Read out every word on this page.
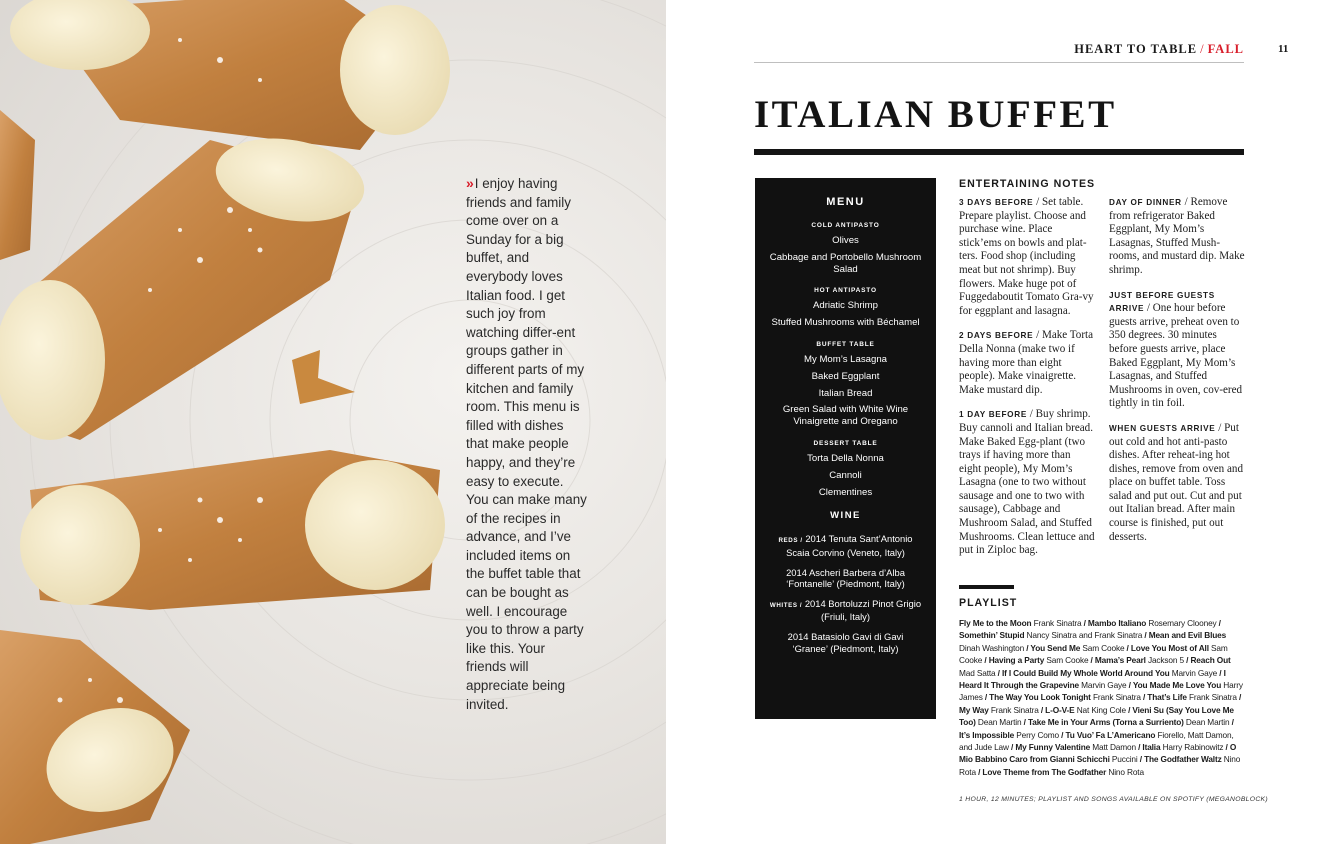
» I enjoy having friends and family come over on a Sunday for a big buffet, and everybody loves Italian food. I get such joy from watching differ-ent groups gather in different parts of my kitchen and family room. This menu is filled with dishes that make people happy, and they’re easy to execute. You can make many of the recipes in advance, and I’ve included items on the buffet table that can be bought as well. I encourage you to throw a party like this. Your friends will appreciate being invited.

HEART TO TABLE / FALL	11
ITALIAN BUFFET
MENU
COLD ANTIPASTO
Olives
Cabbage and Portobello Mushroom Salad
HOT ANTIPASTO
Adriatic Shrimp
Stuffed Mushrooms with Béchamel
BUFFET TABLE
My Mom’s Lasagna
Baked Eggplant
Italian Bread
Green Salad with White Wine Vinaigrette and Oregano
DESSERT TABLE
Torta Della Nonna
Cannoli
Clementines
WINE
REDS / 2014 Tenuta Sant’Antonio Scaia Corvino (Veneto, Italy)
2014 Ascheri Barbera d’Alba ‘Fontanelle’ (Piedmont, Italy)
WHITES / 2014 Bortoluzzi Pinot Grigio (Friuli, Italy)
2014 Batasiolo Gavi di Gavi ‘Granee’ (Piedmont, Italy)
ENTERTAINING NOTES

3 DAYS BEFORE / Set table. Prepare playlist. Choose and purchase wine. Place stick’ems on bowls and plat-ters. Food shop (including meat but not shrimp). Buy flowers. Make huge pot of Fuggedaboutit Tomato Gra-vy for eggplant and lasagna.

2 DAYS BEFORE / Make Torta Della Nonna (make two if having more than eight people). Make vinaigrette. Make mustard dip.

1 DAY BEFORE / Buy shrimp. Buy cannoli and Italian bread. Make Baked Egg-plant (two trays if having more than eight people), My Mom’s Lasagna (one to two without sausage and one to two with sausage), Cabbage and Mushroom Salad, and Stuffed Mushrooms. Clean lettuce and put in Ziploc bag.

DAY OF DINNER / Remove from refrigerator Baked Eggplant, My Mom’s Lasagnas, Stuffed Mush-rooms, and mustard dip. Make shrimp.

JUST BEFORE GUESTS ARRIVE / One hour before guests arrive, preheat oven to 350 degrees. 30 minutes before guests arrive, place Baked Eggplant, My Mom’s Lasagnas, and Stuffed Mushrooms in oven, cov-ered tightly in tin foil.

WHEN GUESTS ARRIVE / Put out cold and hot anti-pasto dishes. After reheat-ing hot dishes, remove from oven and place on buffet table. Toss salad and put out. Cut and put out Italian bread. After main course is finished, put out desserts.

PLAYLIST
Fly Me to the Moon Frank Sinatra / Mambo Italiano Rosemary Clooney / Somethin’ Stupid Nancy Sinatra and Frank Sinatra / Mean and Evil Blues Dinah Washington / You Send Me Sam Cooke / Love You Most of All Sam Cooke / Having a Party Sam Cooke / Mama’s Pearl Jackson 5 / Reach Out Mad Satta / If I Could Build My Whole World Around You Marvin Gaye / I Heard It Through the Grapevine Marvin Gaye / You Made Me Love You Harry James / The Way You Look Tonight Frank Sinatra / That’s Life Frank Sinatra / My Way Frank Sinatra / L-O-V-E Nat King Cole / Vieni Su (Say You Love Me Too) Dean Martin / Take Me in Your Arms (Torna a Surriento) Dean Martin / It’s Impossible Perry Como / Tu Vuo’ Fa L’Americano Fiorello, Matt Damon, and Jude Law / My Funny Valentine Matt Damon / Italia Harry Rabinowitz / O Mio Babbino Caro from Gianni Schicchi Puccini / The Godfather Waltz Nino Rota / Love Theme from The Godfather Nino Rota
1 HOUR, 12 MINUTES; PLAYLIST AND SONGS AVAILABLE ON SPOTIFY (MEGANOBLOCK)
